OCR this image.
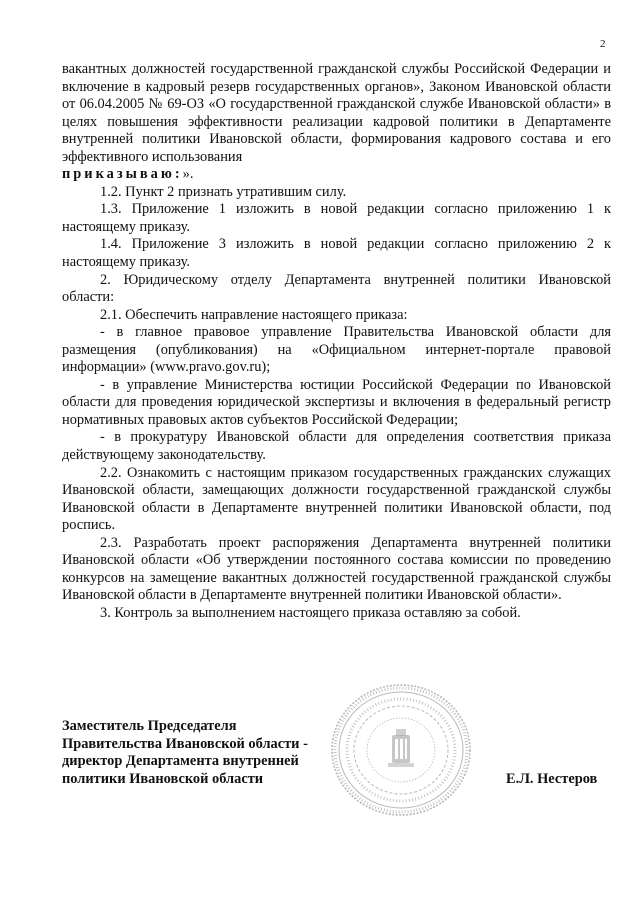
2

вакантных должностей государственной гражданской службы Российской Федерации и включение в кадровый резерв государственных органов», Законом Ивановской области от 06.04.2005 № 69-ОЗ «О государственной гражданской службе Ивановской области» в целях повышения эффективности реализации кадровой политики в Департаменте внутренней политики Ивановской области, формирования кадрового состава и его эффективного использования
приказываю:».

1.2. Пункт 2 признать утратившим силу.

1.3. Приложение 1 изложить в новой редакции согласно приложению 1 к настоящему приказу.

1.4. Приложение 3 изложить в новой редакции согласно приложению 2 к настоящему приказу.

2. Юридическому отделу Департамента внутренней политики Ивановской области:

2.1. Обеспечить направление настоящего приказа:

- в главное правовое управление Правительства Ивановской области для размещения (опубликования) на «Официальном интернет-портале правовой информации» (www.pravo.gov.ru);

- в управление Министерства юстиции Российской Федерации по Ивановской области для проведения юридической экспертизы и включения в федеральный регистр нормативных правовых актов субъектов Российской Федерации;

- в прокуратуру Ивановской области для определения соответствия приказа действующему законодательству.

2.2. Ознакомить с настоящим приказом государственных гражданских служащих Ивановской области, замещающих должности государственной гражданской службы Ивановской области в Департаменте внутренней политики Ивановской области, под роспись.

2.3. Разработать проект распоряжения Департамента внутренней политики Ивановской области «Об утверждении постоянного состава комиссии по проведению конкурсов на замещение вакантных должностей государственной гражданской службы Ивановской области в Департаменте внутренней политики Ивановской области».

3. Контроль за выполнением настоящего приказа оставляю за собой.

Заместитель Председателя
Правительства Ивановской области -
директор Департамента внутренней
политики Ивановской области	Е.Л. Нестеров
